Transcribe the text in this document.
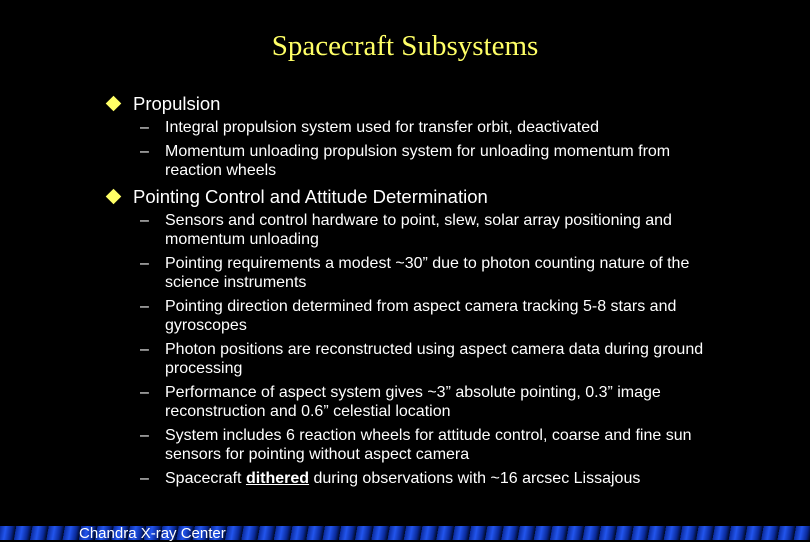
Spacecraft Subsystems
Propulsion
– Integral propulsion system used for transfer orbit, deactivated
– Momentum unloading propulsion system for unloading momentum from reaction wheels
Pointing Control and Attitude Determination
– Sensors and control hardware to point, slew, solar array positioning and momentum unloading
– Pointing requirements a modest ~30” due to photon counting nature of the science instruments
– Pointing direction determined from aspect camera tracking 5-8 stars and gyroscopes
– Photon positions are reconstructed using aspect camera data during ground processing
– Performance of aspect system gives ~3” absolute pointing, 0.3” image reconstruction and 0.6” celestial location
– System includes 6 reaction wheels for attitude control, coarse and fine sun sensors for pointing without aspect camera
– Spacecraft dithered during observations with ~16 arcsec Lissajous
Chandra X-ray Center
